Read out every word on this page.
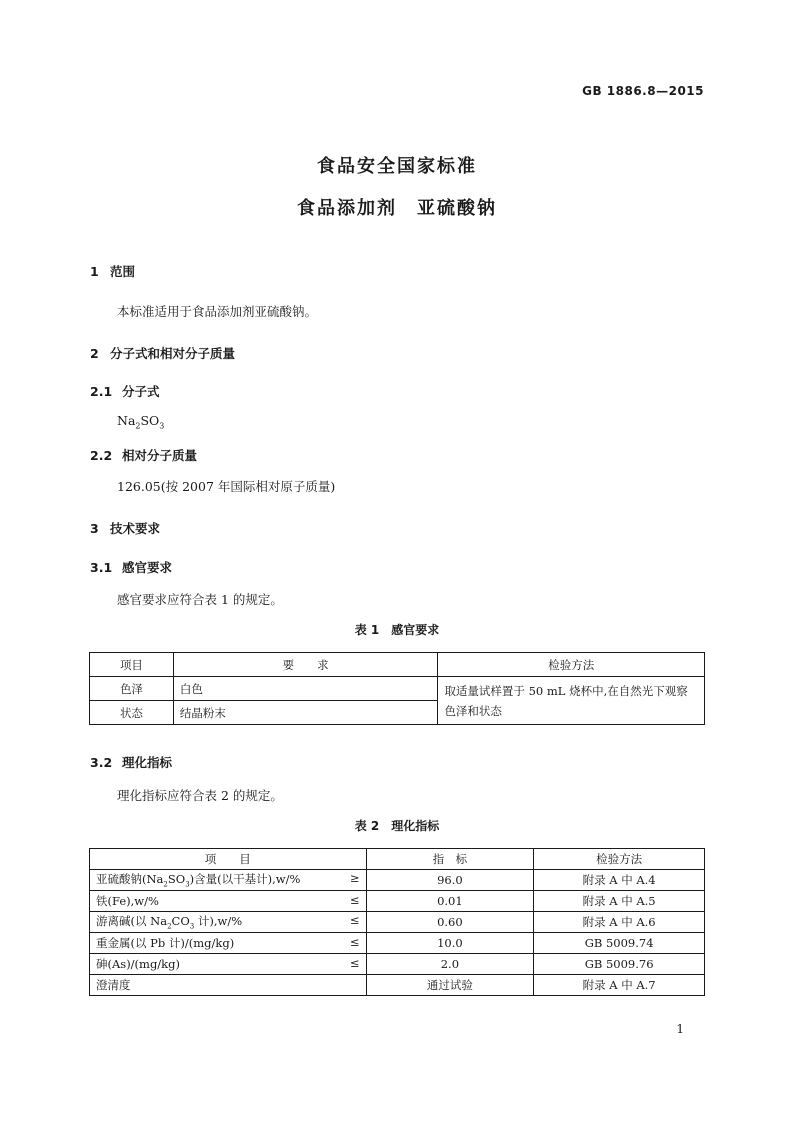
GB 1886.8—2015
食品安全国家标准
食品添加剂　亚硫酸钠
1 范围
本标准适用于食品添加剂亚硫酸钠。
2 分子式和相对分子质量
2.1 分子式
$Na_2SO_3$
2.2 相对分子质量
126.05(按 2007 年国际相对原子质量)
3 技术要求
3.1 感官要求
感官要求应符合表 1 的规定。
表 1 感官要求
项目	要　　求	检验方法
色泽	白色	取适量试样置于 50 mL 烧杯中,在自然光下观察色泽和状态
状态	结晶粉末	
3.2 理化指标
理化指标应符合表 2 的规定。
表 2 理化指标
项　　目	指　标	检验方法
亚硫酸钠$(Na_2SO_3)$含量(以干基计),w/% ≥	96.0	附录 A 中 A.4
铁(Fe),w/% ≤	0.01	附录 A 中 A.5
游离碱(以 $Na_2CO_3$ 计),w/% ≤	0.60	附录 A 中 A.6
重金属(以 Pb 计)/(mg/kg) ≤	10.0	GB 5009.74
砷(As)/(mg/kg) ≤	2.0	GB 5009.76
澄清度	通过试验	附录 A 中 A.7
1
